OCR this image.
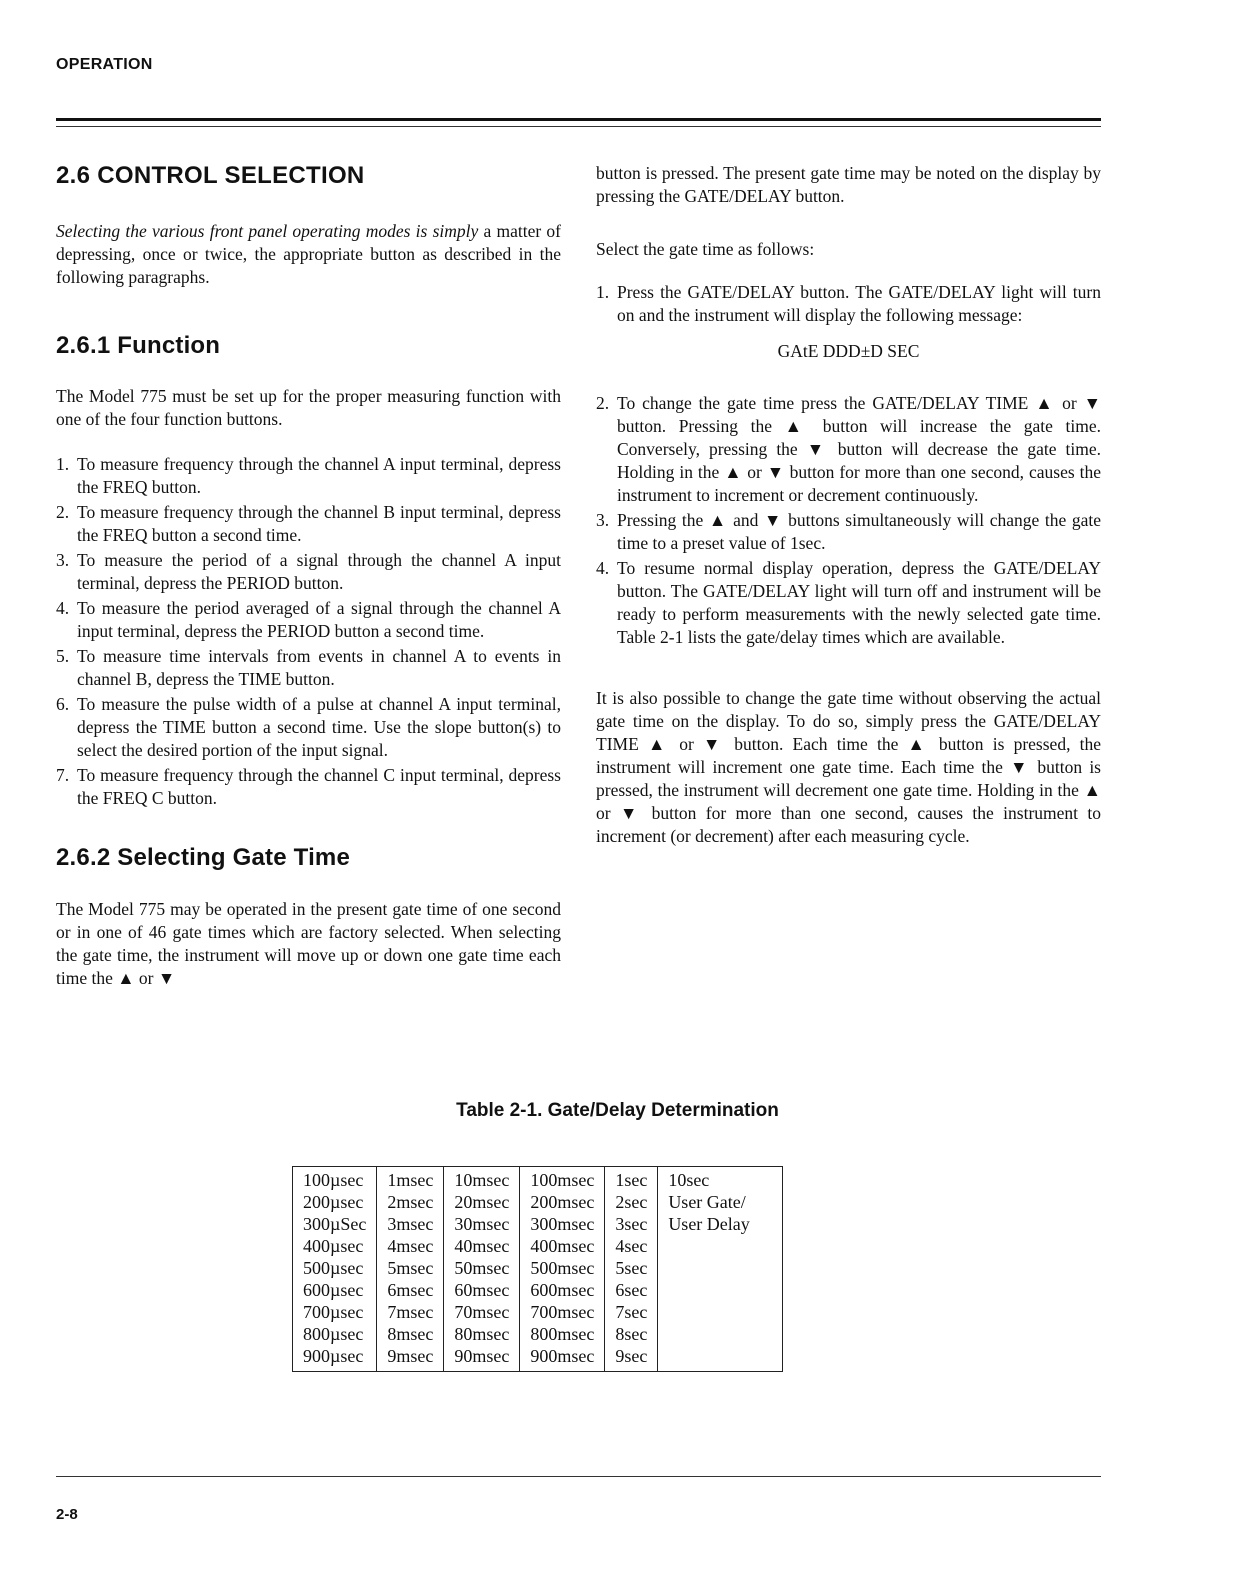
OPERATION
2.6 CONTROL SELECTION

Selecting the various front panel operating modes is simply a matter of depressing, once or twice, the appropriate button as described in the following paragraphs.

2.6.1 Function

The Model 775 must be set up for the proper measuring function with one of the four function buttons.

1. To measure frequency through the channel A input terminal, depress the FREQ button.
2. To measure frequency through the channel B input terminal, depress the FREQ button a second time.
3. To measure the period of a signal through the channel A input terminal, depress the PERIOD button.
4. To measure the period averaged of a signal through the channel A input terminal, depress the PERIOD button a second time.
5. To measure time intervals from events in channel A to events in channel B, depress the TIME button.
6. To measure the pulse width of a pulse at channel A input terminal, depress the TIME button a second time. Use the slope button(s) to select the desired portion of the input signal.
7. To measure frequency through the channel C input terminal, depress the FREQ C button.
2.6.2 Selecting Gate Time

The Model 775 may be operated in the present gate time of one second or in one of 46 gate times which are factory selected. When selecting the gate time, the instrument will move up or down one gate time each time the ▲ or ▼

button is pressed. The present gate time may be noted on the display by pressing the GATE/DELAY button.

Select the gate time as follows:

1. Press the GATE/DELAY button. The GATE/DELAY light will turn on and the instrument will display the following message:
GAtE DDD±D SEC
2. To change the gate time press the GATE/DELAY TIME ▲ or ▼ button. Pressing the ▲ button will increase the gate time. Conversely, pressing the ▼ button will decrease the gate time. Holding in the ▲ or ▼ button for more than one second, causes the instrument to increment or decrement continuously.
3. Pressing the ▲ and ▼ buttons simultaneously will change the gate time to a preset value of 1sec.
4. To resume normal display operation, depress the GATE/DELAY button. The GATE/DELAY light will turn off and instrument will be ready to perform measurements with the newly selected gate time. Table 2-1 lists the gate/delay times which are available.

It is also possible to change the gate time without observing the actual gate time on the display. To do so, simply press the GATE/DELAY TIME ▲ or ▼ button. Each time the ▲ button is pressed, the instrument will increment one gate time. Each time the ▼ button is pressed, the instrument will decrement one gate time. Holding in the ▲ or ▼ button for more than one second, causes the instrument to increment (or decrement) after each measuring cycle.

Table 2-1. Gate/Delay Determination
100µsec	1msec	10msec	100msec	1sec	10sec
200µsec	2msec	20msec	200msec	2sec	User Gate/
300µSec	3msec	30msec	300msec	3sec	User Delay
400µsec	4msec	40msec	400msec	4sec	
500µsec	5msec	50msec	500msec	5sec	
600µsec	6msec	60msec	600msec	6sec	
700µsec	7msec	70msec	700msec	7sec	
800µsec	8msec	80msec	800msec	8sec	
900µsec	9msec	90msec	900msec	9sec	
2-8
